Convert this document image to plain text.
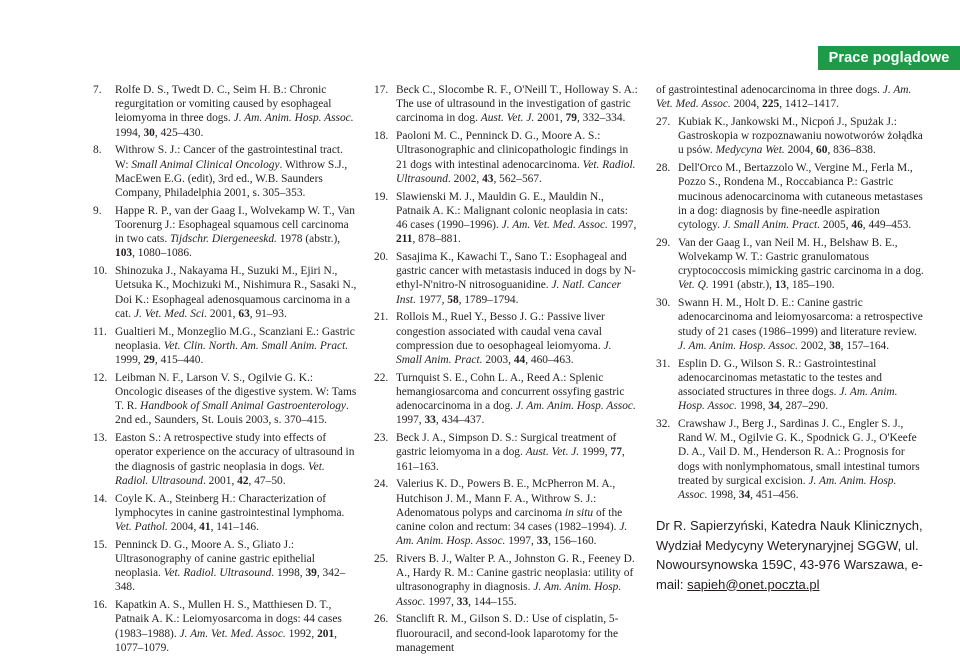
Prace poglądowe
7. Rolfe D. S., Twedt D. C., Seim H. B.: Chronic regurgitation or vomiting caused by esophageal leiomyoma in three dogs. J. Am. Anim. Hosp. Assoc. 1994, 30, 425–430.
8. Withrow S. J.: Cancer of the gastrointestinal tract. W: Small Animal Clinical Oncology. Withrow S.J., MacEwen E.G. (edit), 3rd ed., W.B. Saunders Company, Philadelphia 2001, s. 305–353.
9. Happe R. P., van der Gaag I., Wolvekamp W. T., Van Toorenurg J.: Esophageal squamous cell carcinoma in two cats. Tijdschr. Diergeneeskd. 1978 (abstr.), 103, 1080–1086.
10. Shinozuka J., Nakayama H., Suzuki M., Ejiri N., Uetsuka K., Mochizuki M., Nishimura R., Sasaki N., Doi K.: Esophageal adenosquamous carcinoma in a cat. J. Vet. Med. Sci. 2001, 63, 91–93.
11. Gualtieri M., Monzeglio M.G., Scanziani E.: Gastric neoplasia. Vet. Clin. North. Am. Small Anim. Pract. 1999, 29, 415–440.
12. Leibman N. F., Larson V. S., Ogilvie G. K.: Oncologic diseases of the digestive system. W: Tams T. R. Handbook of Small Animal Gastroenterology. 2nd ed., Saunders, St. Louis 2003, s. 370–415.
13. Easton S.: A retrospective study into effects of operator experience on the accuracy of ultrasound in the diagnosis of gastric neoplasia in dogs. Vet. Radiol. Ultrasound. 2001, 42, 47–50.
14. Coyle K. A., Steinberg H.: Characterization of lymphocytes in canine gastrointestinal lymphoma. Vet. Pathol. 2004, 41, 141–146.
15. Penninck D. G., Moore A. S., Gliato J.: Ultrasonography of canine gastric epithelial neoplasia. Vet. Radiol. Ultrasound. 1998, 39, 342–348.
16. Kapatkin A. S., Mullen H. S., Matthiesen D. T., Patnaik A. K.: Leiomyosarcoma in dogs: 44 cases (1983–1988). J. Am. Vet. Med. Assoc. 1992, 201, 1077–1079.
17. Beck C., Slocombe R. F., O'Neill T., Holloway S. A.: The use of ultrasound in the investigation of gastric carcinoma in dog. Aust. Vet. J. 2001, 79, 332–334.
18. Paoloni M. C., Penninck D. G., Moore A. S.: Ultrasonographic and clinicopathologic findings in 21 dogs with intestinal adenocarcinoma. Vet. Radiol. Ultrasound. 2002, 43, 562–567.
19. Slawienski M. J., Mauldin G. E., Mauldin N., Patnaik A. K.: Malignant colonic neoplasia in cats: 46 cases (1990–1996). J. Am. Vet. Med. Assoc. 1997, 211, 878–881.
20. Sasajima K., Kawachi T., Sano T.: Esophageal and gastric cancer with metastasis induced in dogs by N-ethyl-N'nitro-N nitrosoguanidine. J. Natl. Cancer Inst. 1977, 58, 1789–1794.
21. Rollois M., Ruel Y., Besso J. G.: Passive liver congestion associated with caudal vena caval compression due to oesophageal leiomyoma. J. Small Anim. Pract. 2003, 44, 460–463.
22. Turnquist S. E., Cohn L. A., Reed A.: Splenic hemangiosarcoma and concurrent ossyfing gastric adenocarcinoma in a dog. J. Am. Anim. Hosp. Assoc. 1997, 33, 434–437.
23. Beck J. A., Simpson D. S.: Surgical treatment of gastric leiomyoma in a dog. Aust. Vet. J. 1999, 77, 161–163.
24. Valerius K. D., Powers B. E., McPherron M. A., Hutchison J. M., Mann F. A., Withrow S. J.: Adenomatous polyps and carcinoma in situ of the canine colon and rectum: 34 cases (1982–1994). J. Am. Anim. Hosp. Assoc. 1997, 33, 156–160.
25. Rivers B. J., Walter P. A., Johnston G. R., Feeney D. A., Hardy R. M.: Canine gastric neoplasia: utility of ultrasonography in diagnosis. J. Am. Anim. Hosp. Assoc. 1997, 33, 144–155.
26. Stanclift R. M., Gilson S. D.: Use of cisplatin, 5-fluorouracil, and second-look laparotomy for the management
of gastrointestinal adenocarcinoma in three dogs. J. Am. Vet. Med. Assoc. 2004, 225, 1412–1417.
27. Kubiak K., Jankowski M., Nicpoń J., Spużak J.: Gastroskopia w rozpoznawaniu nowotworów żołądka u psów. Medycyna Wet. 2004, 60, 836–838.
28. Dell'Orco M., Bertazzolo W., Vergine M., Ferla M., Pozzo S., Rondena M., Roccabianca P.: Gastric mucinous adenocarcinoma with cutaneous metastases in a dog: diagnosis by fine-needle aspiration cytology. J. Small Anim. Pract. 2005, 46, 449–453.
29. Van der Gaag I., van Neil M. H., Belshaw B. E., Wolvekamp W. T.: Gastric granulomatous cryptococcosis mimicking gastric carcinoma in a dog. Vet. Q. 1991 (abstr.), 13, 185–190.
30. Swann H. M., Holt D. E.: Canine gastric adenocarcinoma and leiomyosarcoma: a retrospective study of 21 cases (1986–1999) and literature review. J. Am. Anim. Hosp. Assoc. 2002, 38, 157–164.
31. Esplin D. G., Wilson S. R.: Gastrointestinal adenocarcinomas metastatic to the testes and associated structures in three dogs. J. Am. Anim. Hosp. Assoc. 1998, 34, 287–290.
32. Crawshaw J., Berg J., Sardinas J. C., Engler S. J., Rand W. M., Ogilvie G. K., Spodnick G. J., O'Keefe D. A., Vail D. M., Henderson R. A.: Prognosis for dogs with nonlymphomatous, small intestinal tumors treated by surgical excision. J. Am. Anim. Hosp. Assoc. 1998, 34, 451–456.
Dr R. Sapierzyński, Katedra Nauk Klinicznych, Wydział Medycyny Weterynaryjnej SGGW, ul. Nowoursynowska 159C, 43-976 Warszawa, e-mail: sapieh@onet.poczta.pl
